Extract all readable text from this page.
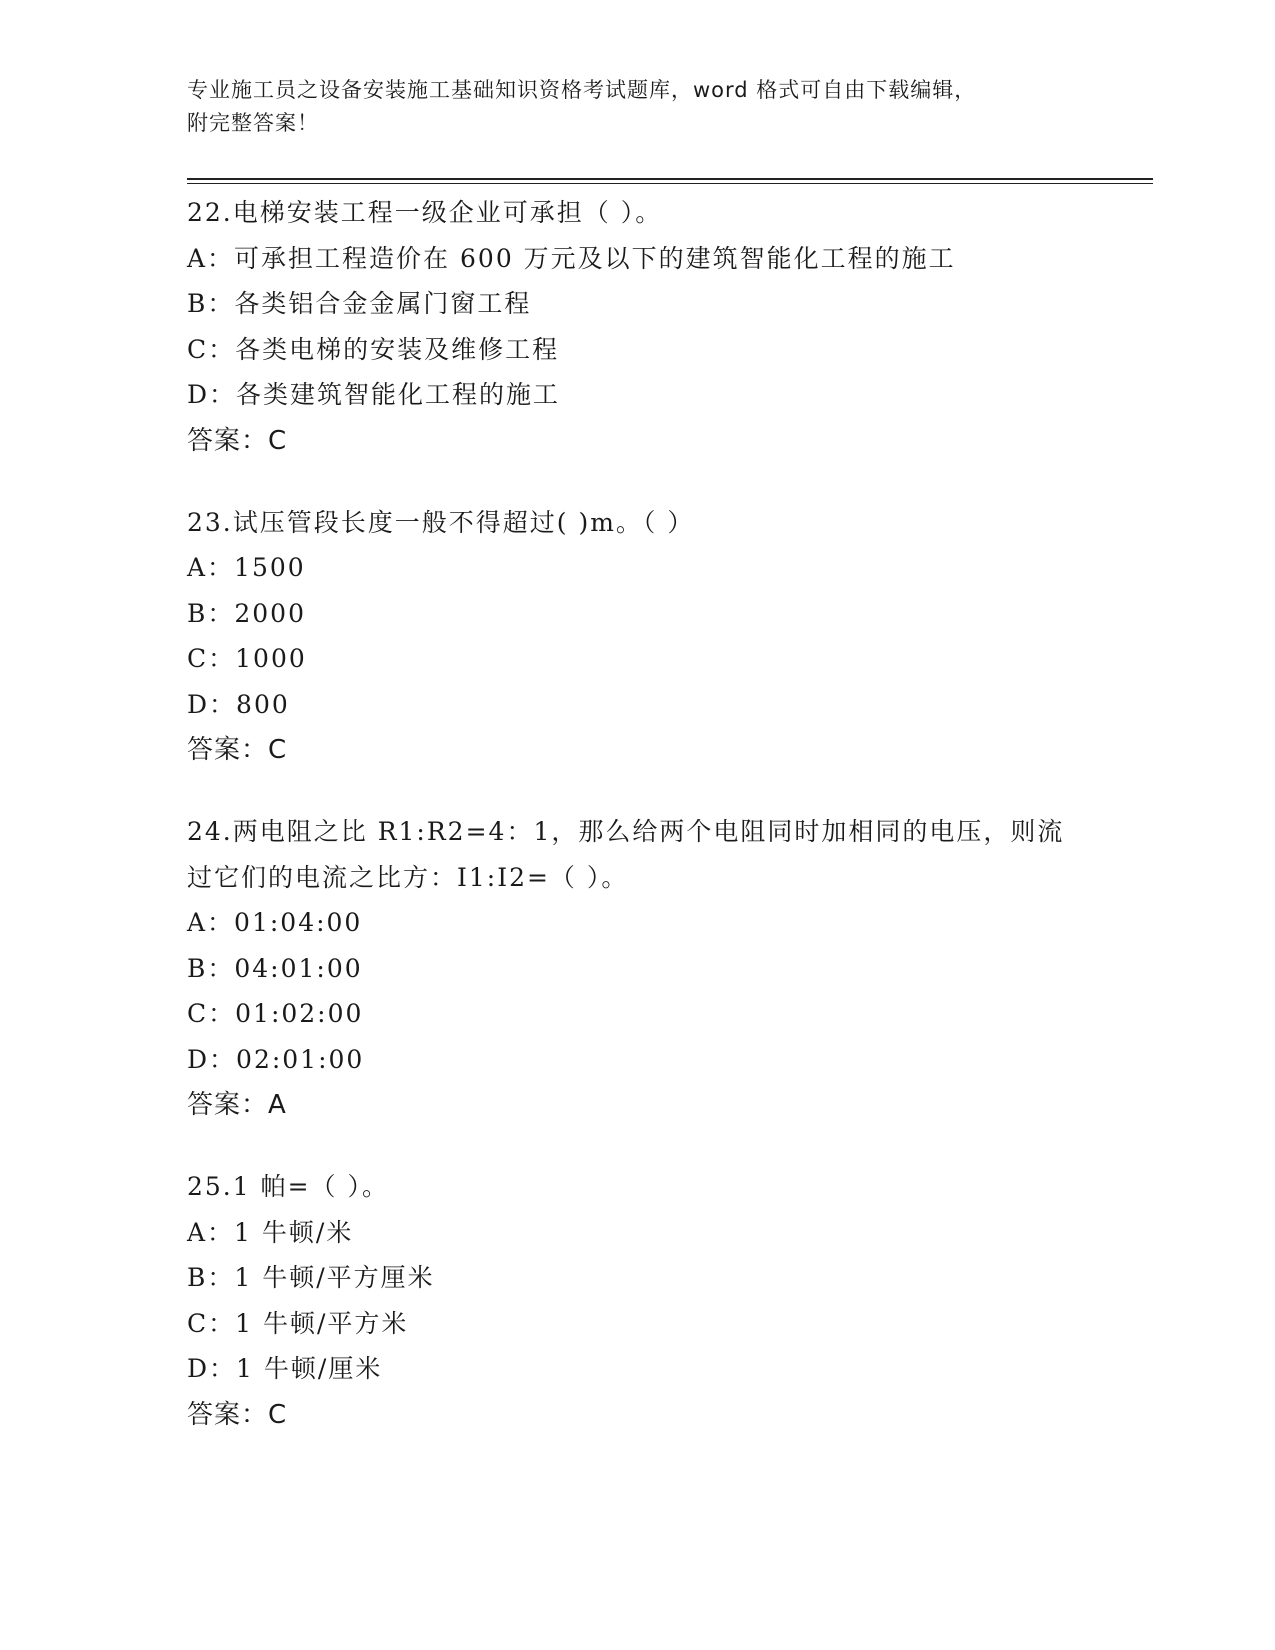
专业施工员之设备安装施工基础知识资格考试题库，word 格式可自由下载编辑，
附完整答案！
22.电梯安装工程一级企业可承担（ ）。
A：可承担工程造价在 600 万元及以下的建筑智能化工程的施工
B：各类铝合金金属门窗工程
C：各类电梯的安装及维修工程
D：各类建筑智能化工程的施工
答案：C
23.试压管段长度一般不得超过( )m。（ ）
A：1500
B：2000
C：1000
D：800
答案：C
24.两电阻之比 R1:R2=4：1，那么给两个电阻同时加相同的电压，则流
过它们的电流之比方：I1:I2=（ ）。
A：01:04:00
B：04:01:00
C：01:02:00
D：02:01:00
答案：A
25.1 帕=（ ）。
A：1 牛顿/米
B：1 牛顿/平方厘米
C：1 牛顿/平方米
D：1 牛顿/厘米
答案：C
